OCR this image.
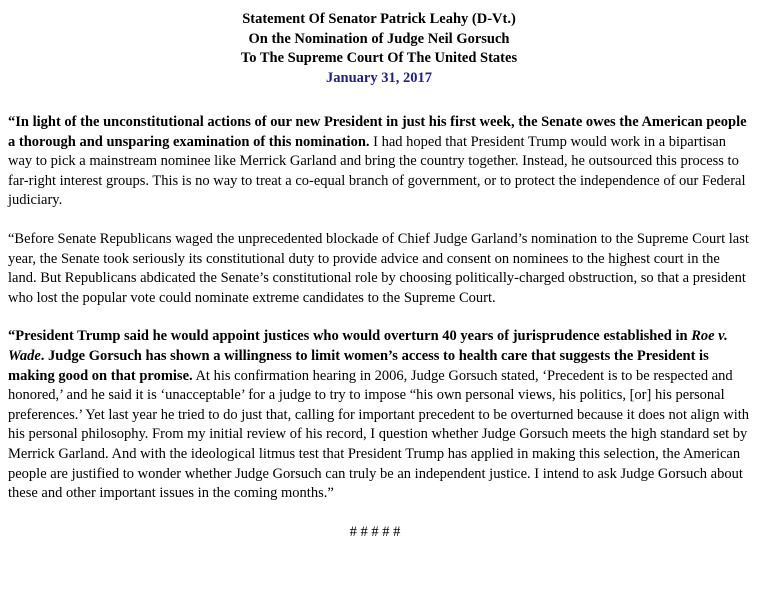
Statement Of Senator Patrick Leahy (D-Vt.)
On the Nomination of Judge Neil Gorsuch
To The Supreme Court Of The United States
January 31, 2017

“In light of the unconstitutional actions of our new President in just his first week, the Senate owes the American people a thorough and unsparing examination of this nomination. I had hoped that President Trump would work in a bipartisan way to pick a mainstream nominee like Merrick Garland and bring the country together. Instead, he outsourced this process to far-right interest groups. This is no way to treat a co-equal branch of government, or to protect the independence of our Federal judiciary.

“Before Senate Republicans waged the unprecedented blockade of Chief Judge Garland’s nomination to the Supreme Court last year, the Senate took seriously its constitutional duty to provide advice and consent on nominees to the highest court in the land. But Republicans abdicated the Senate’s constitutional role by choosing politically-charged obstruction, so that a president who lost the popular vote could nominate extreme candidates to the Supreme Court.

“President Trump said he would appoint justices who would overturn 40 years of jurisprudence established in Roe v. Wade. Judge Gorsuch has shown a willingness to limit women’s access to health care that suggests the President is making good on that promise. At his confirmation hearing in 2006, Judge Gorsuch stated, ‘Precedent is to be respected and honored,’ and he said it is ‘unacceptable’ for a judge to try to impose “his own personal views, his politics, [or] his personal preferences.’ Yet last year he tried to do just that, calling for important precedent to be overturned because it does not align with his personal philosophy. From my initial review of his record, I question whether Judge Gorsuch meets the high standard set by Merrick Garland. And with the ideological litmus test that President Trump has applied in making this selection, the American people are justified to wonder whether Judge Gorsuch can truly be an independent justice. I intend to ask Judge Gorsuch about these and other important issues in the coming months.”

# # # # #
